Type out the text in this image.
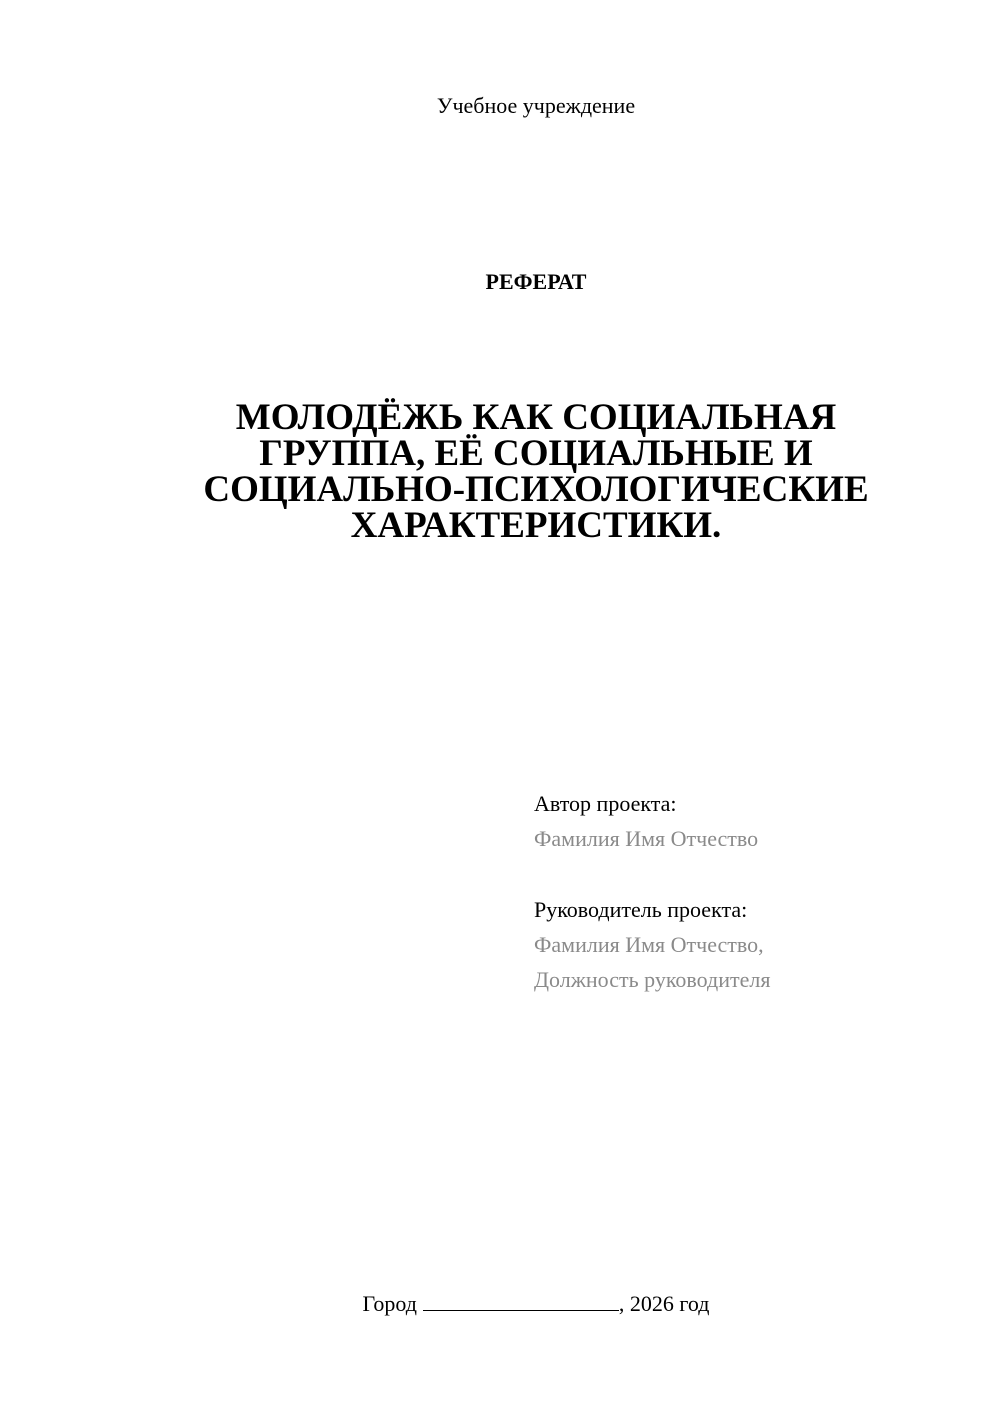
Учебное учреждение
РЕФЕРАТ
МОЛОДЁЖЬ КАК СОЦИАЛЬНАЯ
ГРУППА, ЕЁ СОЦИАЛЬНЫЕ И
СОЦИАЛЬНО-ПСИХОЛОГИЧЕСКИЕ
ХАРАКТЕРИСТИКИ.
Автор проекта:
Фамилия Имя Отчество
Руководитель проекта:
Фамилия Имя Отчество,
Должность руководителя
Город	, 2026 год
